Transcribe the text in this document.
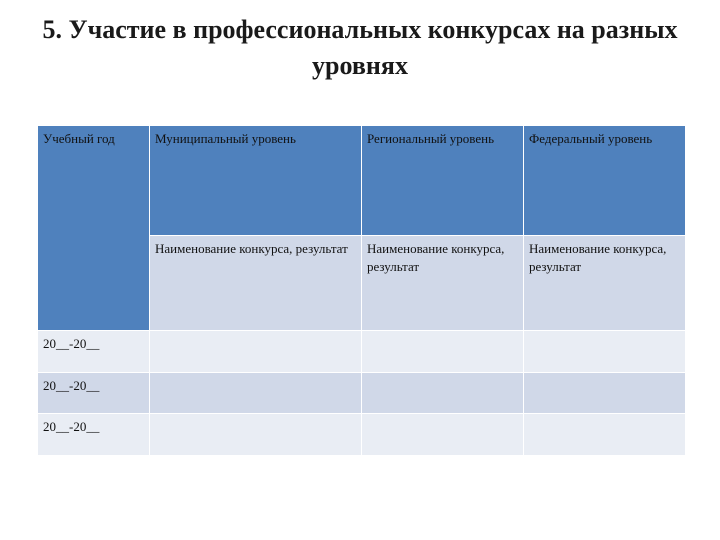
5. Участие в профессиональных конкурсах на разных уровнях
Учебный год	Муниципальный уровень	Региональный уровень	Федеральный уровень
	Наименование конкурса, результат	Наименование конкурса, результат	Наименование конкурса, результат
20__-20__			
20__-20__			
20__-20__			
